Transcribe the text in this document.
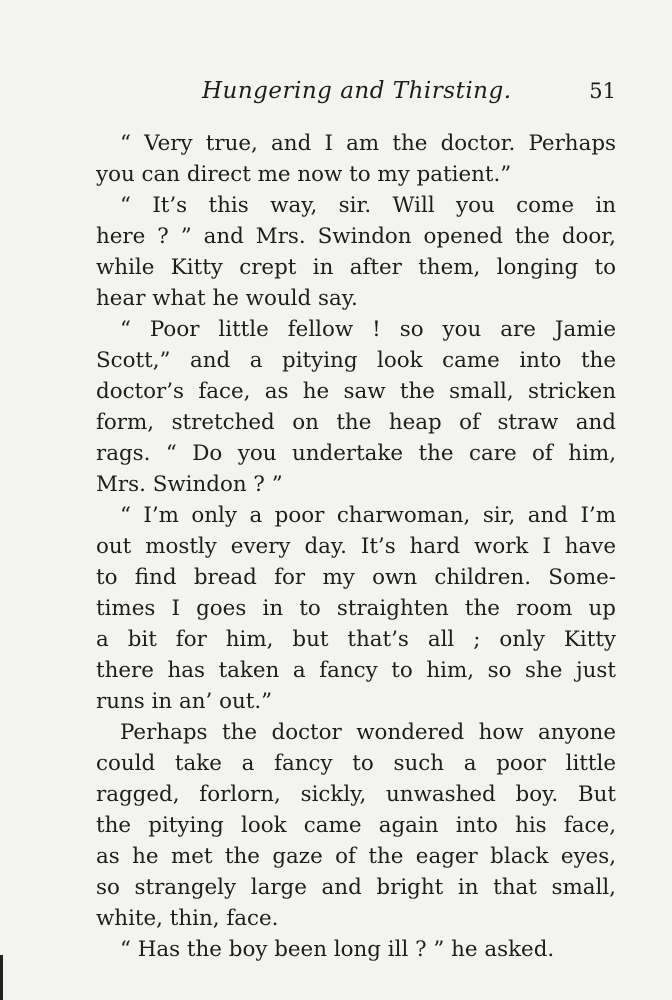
Hungering and Thirsting.	51

“ Very true, and I am the doctor. Perhaps
you can direct me now to my patient.”

“ It’s this way, sir. Will you come in
here ? ” and Mrs. Swindon opened the door,
while Kitty crept in after them, longing to
hear what he would say.

“ Poor little fellow ! so you are Jamie
Scott,” and a pitying look came into the
doctor’s face, as he saw the small, stricken
form, stretched on the heap of straw and
rags. “ Do you undertake the care of him,
Mrs. Swindon ? ”

“ I’m only a poor charwoman, sir, and I’m
out mostly every day. It’s hard work I have
to find bread for my own children. Some-
times I goes in to straighten the room up
a bit for him, but that’s all ; only Kitty
there has taken a fancy to him, so she just
runs in an’ out.”

Perhaps the doctor wondered how anyone
could take a fancy to such a poor little
ragged, forlorn, sickly, unwashed boy. But
the pitying look came again into his face,
as he met the gaze of the eager black eyes,
so strangely large and bright in that small,
white, thin, face.

“ Has the boy been long ill ? ” he asked.
